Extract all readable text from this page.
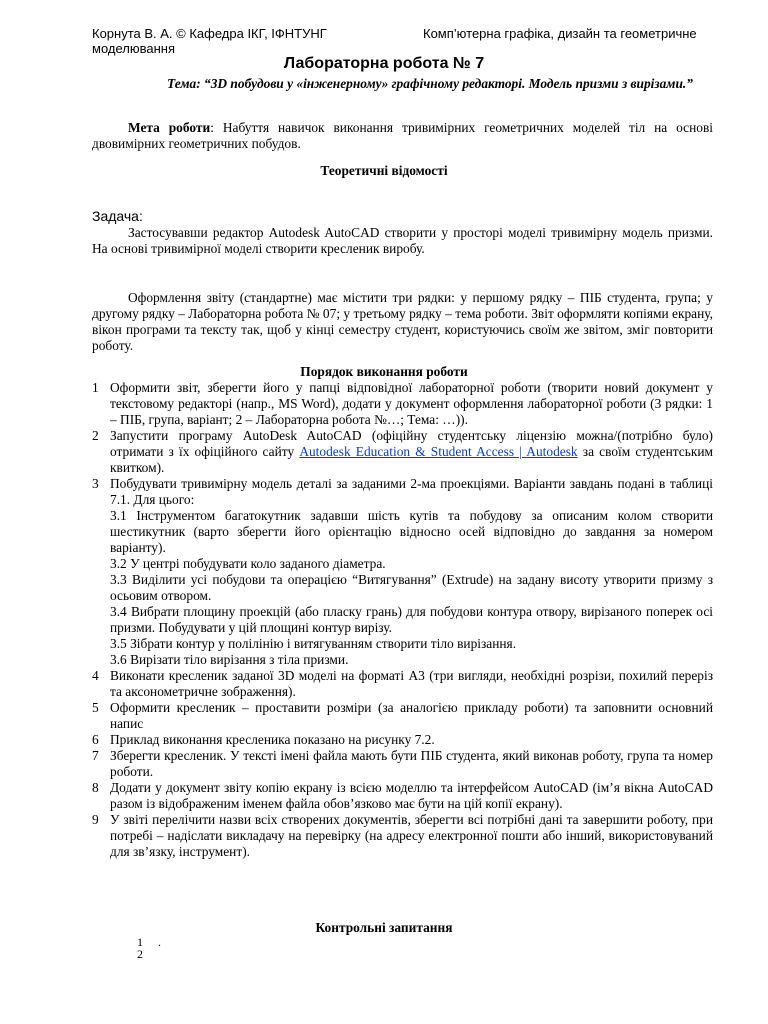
Корнута В. А. © Кафедра ІКГ, ІФНТУНГ	Комп’ютерна графіка, дизайн та геометричне
моделювання
Лабораторна робота № 7
Тема: “3D побудови у «інженерному» графічному редакторі. Модель призми з вирізами.”
Мета роботи: Набуття навичок виконання тривимірних геометричних моделей тіл на основі двовимірних геометричних побудов.
Теоретичні відомості
Задача:
Застосувавши редактор Autodesk AutoCAD створити у просторі моделі тривимірну модель призми. На основі тривимірної моделі створити кресленик виробу.
Оформлення звіту (стандартне) має містити три рядки: у першому рядку – ПІБ студента, група; у другому рядку – Лабораторна робота № 07; у третьому рядку – тема роботи. Звіт оформляти копіями екрану, вікон програми та тексту так, щоб у кінці семестру студент, користуючись своїм же звітом, зміг повторити роботу.
Порядок виконання роботи
1 Оформити звіт, зберегти його у папці відповідної лабораторної роботи (творити новий документ у текстовому редакторі (напр., MS Word), додати у документ оформлення лабораторної роботи (3 рядки: 1 – ПІБ, група, варіант; 2 – Лабораторна робота №…; Тема: …)).
2 Запустити програму AutoDesk AutoCAD (офіційну студентську ліцензію можна/(потрібно було) отримати з їх офіційного сайту Autodesk Education & Student Access | Autodesk за своїм студентським квитком).
3 Побудувати тривимірну модель деталі за заданими 2-ма проекціями. Варіанти завдань подані в таблиці 7.1. Для цього:
3.1 Інструментом багатокутник задавши шість кутів та побудову за описаним колом створити шестикутник (варто зберегти його орієнтацію відносно осей відповідно до завдання за номером варіанту).
3.2 У центрі побудувати коло заданого діаметра.
3.3 Виділити усі побудови та операцією “Витягування” (Extrude) на задану висоту утворити призму з осьовим отвором.
3.4 Вибрати площину проекцій (або пласку грань) для побудови контура отвору, вирізаного поперек осі призми. Побудувати у цій площині контур вирізу.
3.5 Зібрати контур у полілінію і витягуванням створити тіло вирізання.
3.6 Вирізати тіло вирізання з тіла призми.
4 Виконати кресленик заданої 3D моделі на форматі А3 (три вигляди, необхідні розрізи, похилий переріз та аксонометричне зображення).
5 Оформити кресленик – проставити розміри (за аналогією прикладу роботи) та заповнити основний напис
6 Приклад виконання кресленика показано на рисунку 7.2.
7 Зберегти кресленик. У тексті імені файла мають бути ПІБ студента, який виконав роботу, група та номер роботи.
8 Додати у документ звіту копію екрану із всією моделлю та інтерфейсом AutoCAD (ім’я вікна AutoCAD разом із відображеним іменем файла обов’язково має бути на цій копії екрану).
9 У звіті перелічити назви всіх створених документів, зберегти всі потрібні дані та завершити роботу, при потребі – надіслати викладачу на перевірку (на адресу електронної пошти або інший, використовуваний для зв’язку, інструмент).
Контрольні запитання
1 .
2
